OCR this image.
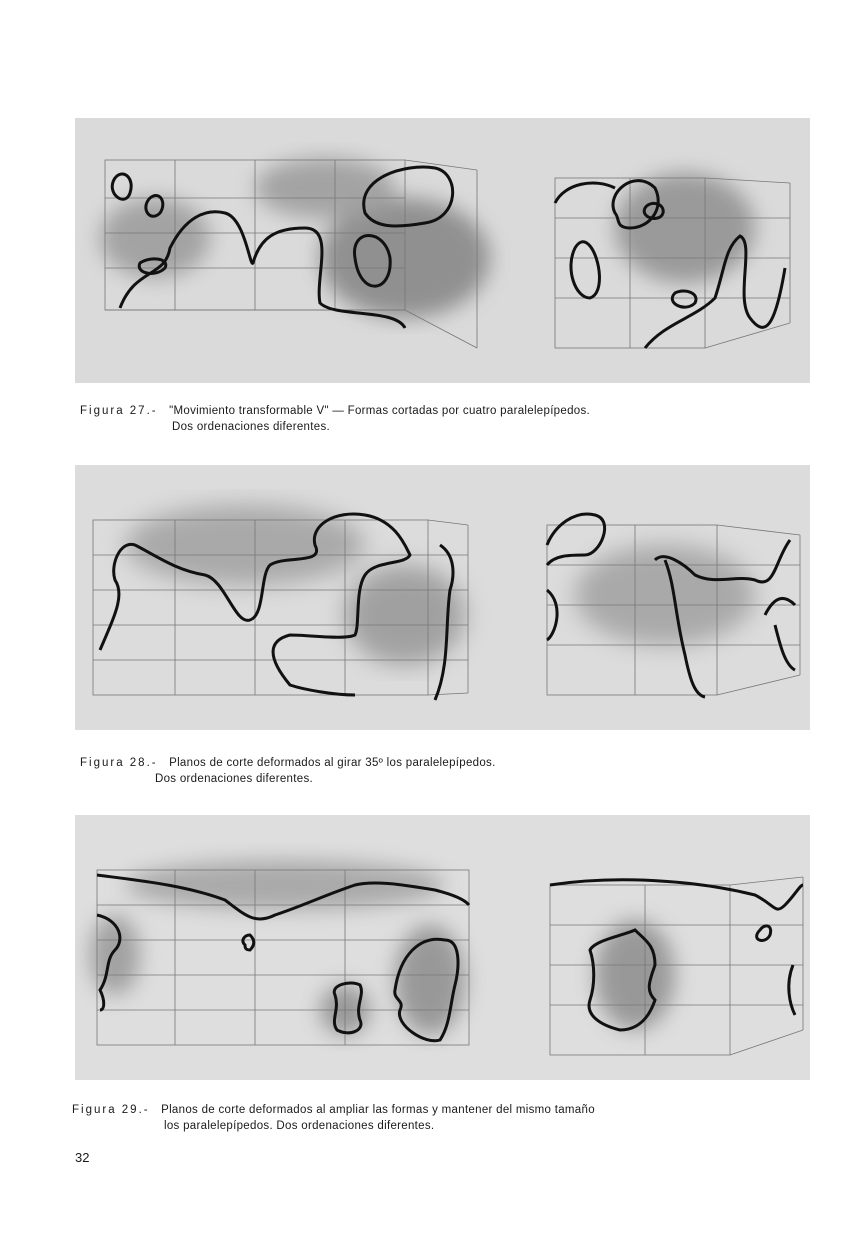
Figura 27.- "Movimiento transformable V" — Formas cortadas por cuatro paralelepípedos.
Dos ordenaciones diferentes.
Figura 28.- Planos de corte deformados al girar 35º los paralelepípedos.
Dos ordenaciones diferentes.
Figura 29.- Planos de corte deformados al ampliar las formas y mantener del mismo tamaño
los paralelepípedos. Dos ordenaciones diferentes.
32
